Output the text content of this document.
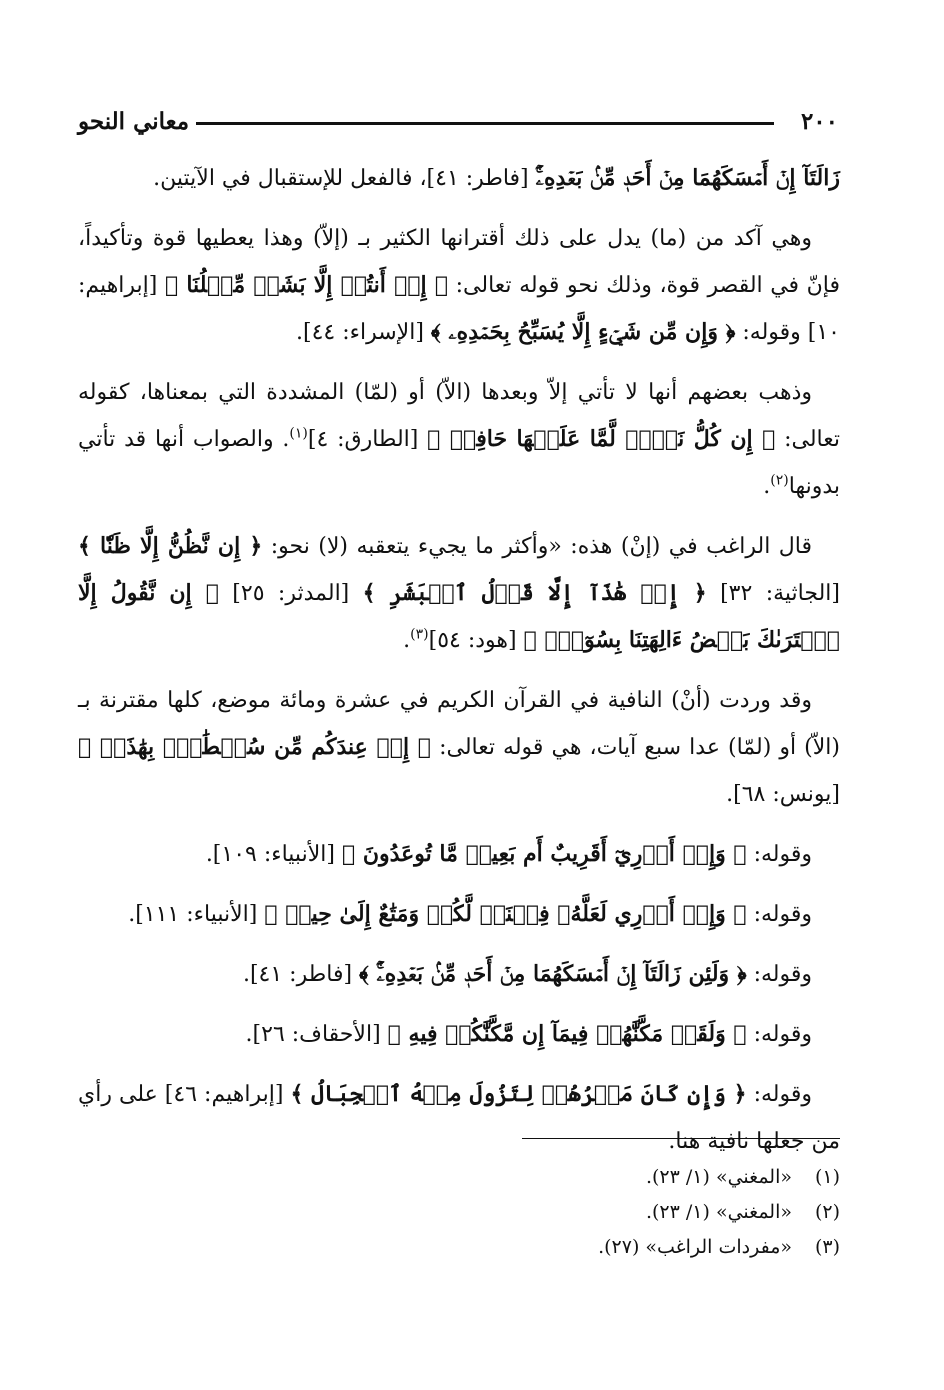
٢٠٠
معاني النحو

زَالَتَآ إِنۡ أَمۡسَكَهُمَا مِنۡ أَحَدٖ مِّنۢ بَعۡدِهِۦٓۚ [فاطر: ٤١]، فالفعل للإستقبال في الآيتين.

وهي آكد من (ما) يدل على ذلك أقترانها الكثير بـ (إلاّ) وهذا يعطيها قوة وتأكيداً، فإنّ في القصر قوة، وذلك نحو قوله تعالى: ﴿ إِنۡ أَنتُمۡ إِلَّا بَشَرٞ مِّثۡلُنَا ﴾ [إبراهيم: ١٠] وقوله: ﴿ وَإِن مِّن شَيۡءٍ إِلَّا يُسَبِّحُ بِحَمۡدِهِۦ ﴾ [الإسراء: ٤٤].

وذهب بعضهم أنها لا تأتي إلاّ وبعدها (الاّ) أو (لمّا) المشددة التي بمعناها، كقوله تعالى: ﴿ إِن كُلُّ نَفۡسٖ لَّمَّا عَلَيۡهَا حَافِظٞ ﴾ [الطارق: ٤]$^{(١)}$. والصواب أنها قد تأتي بدونها$^{(٢)}$.

قال الراغب في (إنْ) هذه: «وأكثر ما يجيء يتعقبه (لا) نحو: ﴿ إِن نَّظُنُّ إِلَّا ظَنّٗا ﴾ [الجاثية: ٣٢] ﴿ إِنۡ هَٰذَآ إِلَّا قَوۡلُ ٱلۡبَشَرِ ﴾ [المدثر: ٢٥] ﴿ إِن نَّقُولُ إِلَّا ٱعۡتَرَىٰكَ بَعۡضُ ءَالِهَتِنَا بِسُوٓءٖۗ ﴾ [هود: ٥٤]$^{(٣)}$.

وقد وردت (أنْ) النافية في القرآن الكريم في عشرة ومائة موضع، كلها مقترنة بـ (الاّ) أو (لمّا) عدا سبع آيات، هي قوله تعالى: ﴿ إِنۡ عِندَكُم مِّن سُلۡطَٰنِۭ بِهَٰذَآۚ ﴾ [يونس: ٦٨].

وقوله: ﴿ وَإِنۡ أَدۡرِيٓ أَقَرِيبٌ أَم بَعِيدٞ مَّا تُوعَدُونَ ﴾ [الأنبياء: ١٠٩].

وقوله: ﴿ وَإِنۡ أَدۡرِي لَعَلَّهُۥ فِتۡنَةٞ لَّكُمۡ وَمَتَٰعٌ إِلَىٰ حِينٖ ﴾ [الأنبياء: ١١١].

وقوله: ﴿ وَلَئِن زَالَتَآ إِنۡ أَمۡسَكَهُمَا مِنۡ أَحَدٖ مِّنۢ بَعۡدِهِۦٓۚ ﴾ [فاطر: ٤١].

وقوله: ﴿ وَلَقَدۡ مَكَّنَّٰهُمۡ فِيمَآ إِن مَّكَّنَّٰكُمۡ فِيهِ ﴾ [الأحقاف: ٢٦].

وقوله: ﴿ وَإِن كَانَ مَكۡرُهُمۡ لِتَزُولَ مِنۡهُ ٱلۡجِبَالُ ﴾ [إبراهيم: ٤٦] على رأي من جعلها نافية هنا.

(١)«المغني» (١/ ٢٣).

(٢)«المغني» (١/ ٢٣).

(٣)«مفردات الراغب» (٢٧).
